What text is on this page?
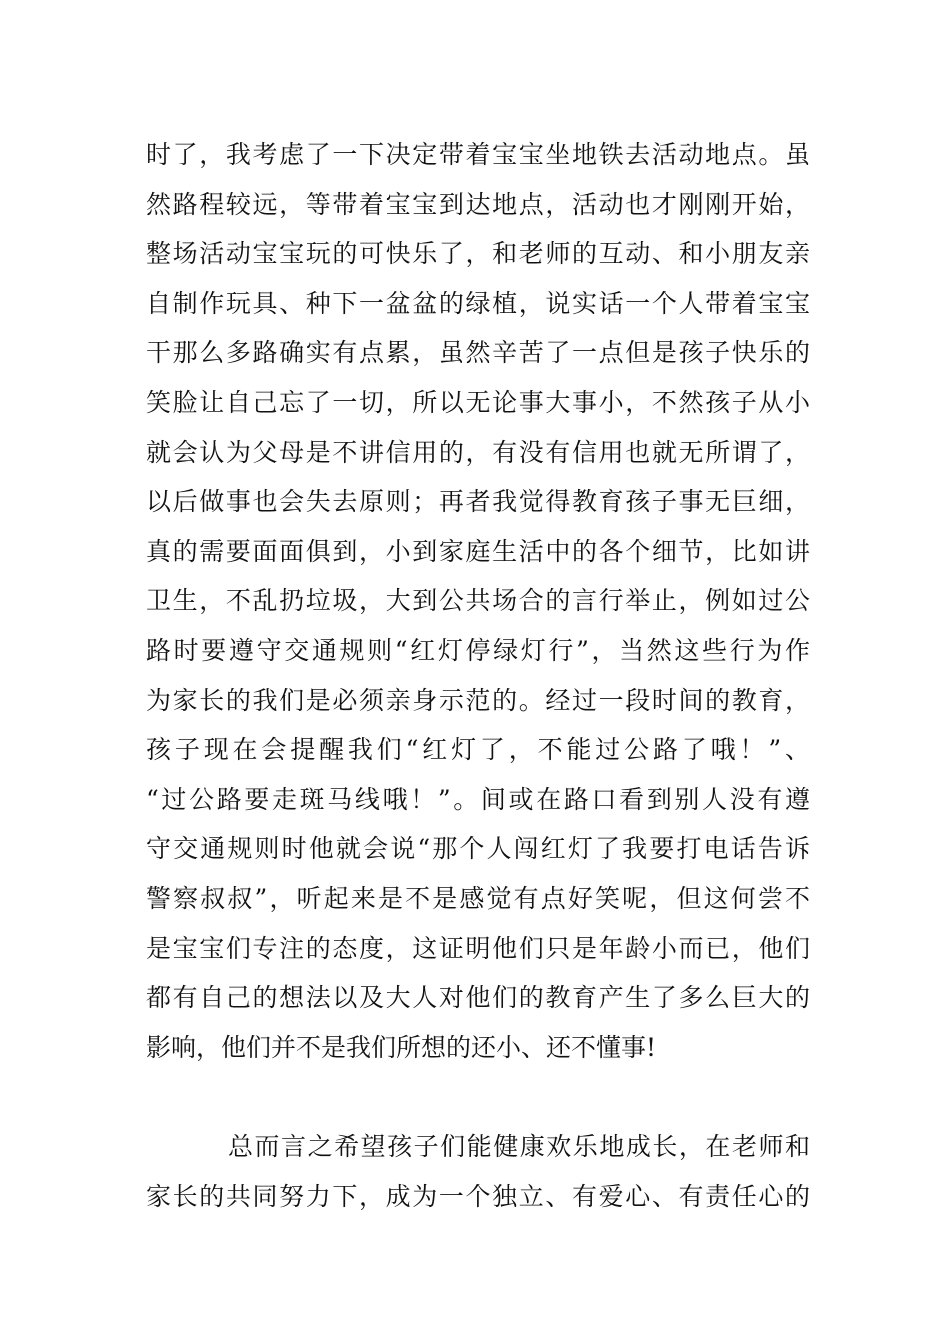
时了，我考虑了一下决定带着宝宝坐地铁去活动地点。虽
然路程较远，等带着宝宝到达地点，活动也才刚刚开始，
整场活动宝宝玩的可快乐了，和老师的互动、和小朋友亲
自制作玩具、种下一盆盆的绿植，说实话一个人带着宝宝
干那么多路确实有点累，虽然辛苦了一点但是孩子快乐的
笑脸让自己忘了一切，所以无论事大事小，不然孩子从小
就会认为父母是不讲信用的，有没有信用也就无所谓了，
以后做事也会失去原则；再者我觉得教育孩子事无巨细，
真的需要面面俱到，小到家庭生活中的各个细节，比如讲
卫生，不乱扔垃圾，大到公共场合的言行举止，例如过公
路时要遵守交通规则“红灯停绿灯行”，当然这些行为作
为家长的我们是必须亲身示范的。经过一段时间的教育，
孩子现在会提醒我们“红灯了，不能过公路了哦！”、
“过公路要走斑马线哦！”。间或在路口看到别人没有遵
守交通规则时他就会说“那个人闯红灯了我要打电话告诉
警察叔叔”，听起来是不是感觉有点好笑呢，但这何尝不
是宝宝们专注的态度，这证明他们只是年龄小而已，他们
都有自己的想法以及大人对他们的教育产生了多么巨大的
影响，他们并不是我们所想的还小、还不懂事!
总而言之希望孩子们能健康欢乐地成长，在老师和
家长的共同努力下，成为一个独立、有爱心、有责任心的
